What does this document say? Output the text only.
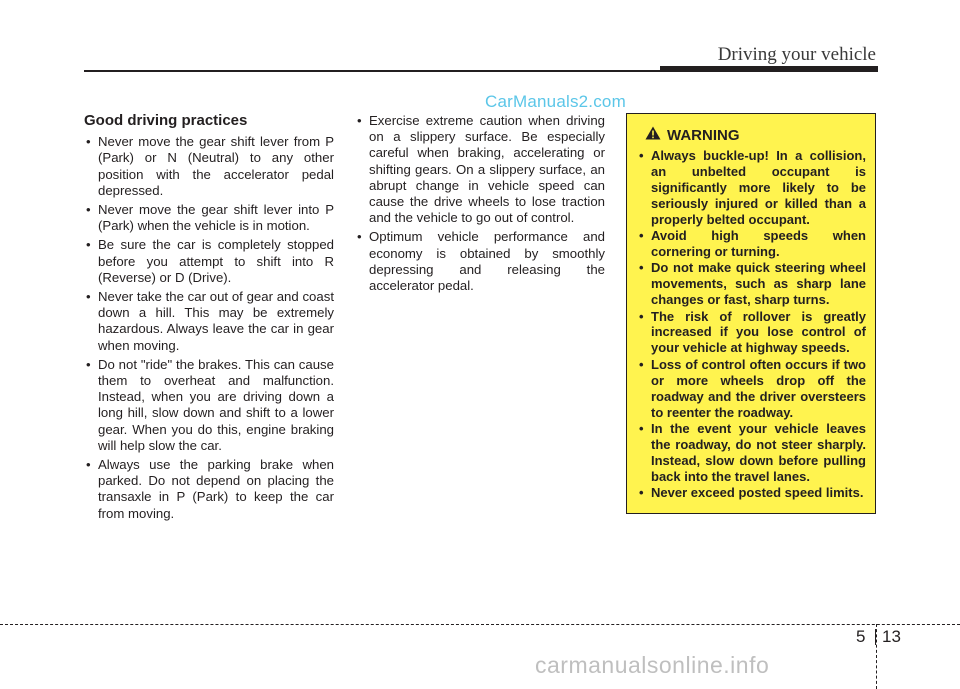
Driving your vehicle
CarManuals2.com
Good driving practices
• Never move the gear shift lever from P (Park) or N (Neutral) to any other position with the accelerator pedal depressed.
• Never move the gear shift lever into P (Park) when the vehicle is in motion.
• Be sure the car is completely stopped before you attempt to shift into R (Reverse) or D (Drive).
• Never take the car out of gear and coast down a hill. This may be extremely hazardous. Always leave the car in gear when moving.
• Do not "ride" the brakes. This can cause them to overheat and malfunction. Instead, when you are driving down a long hill, slow down and shift to a lower gear. When you do this, engine braking will help slow the car.
• Always use the parking brake when parked. Do not depend on placing the transaxle in P (Park) to keep the car from moving.
• Exercise extreme caution when driving on a slippery surface. Be especially careful when braking, accelerating or shifting gears. On a slippery surface, an abrupt change in vehicle speed can cause the drive wheels to lose traction and the vehicle to go out of control.
• Optimum vehicle performance and economy is obtained by smoothly depressing and releasing the accelerator pedal.
WARNING
• Always buckle-up! In a collision, an unbelted occupant is significantly more likely to be seriously injured or killed than a properly belted occupant.
• Avoid high speeds when cornering or turning.
• Do not make quick steering wheel movements, such as sharp lane changes or fast, sharp turns.
• The risk of rollover is greatly increased if you lose control of your vehicle at highway speeds.
• Loss of control often occurs if two or more wheels drop off the roadway and the driver oversteers to reenter the roadway.
• In the event your vehicle leaves the roadway, do not steer sharply. Instead, slow down before pulling back into the travel lanes.
• Never exceed posted speed limits.
5 13
carmanualsonline.info
